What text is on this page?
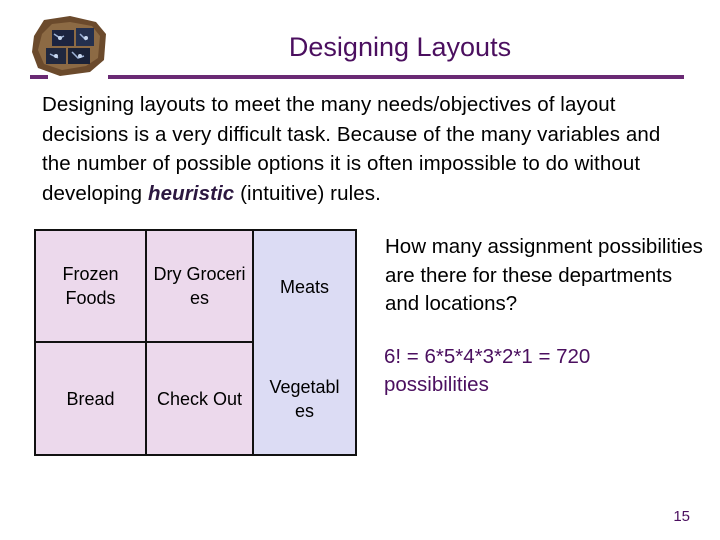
Designing Layouts

Designing layouts to meet the many needs/objectives of layout decisions is a very difficult task. Because of the many variables and the number of possible options it is often impossible to do without developing heuristic (intuitive) rules.

Frozen Foods
Dry Groceri es
Meats
Bread	Check Out
Vegetabl es

How many assignment possibilities are there for these departments and locations?

6! = 6*5*4*3*2*1 = 720
possibilities

15
